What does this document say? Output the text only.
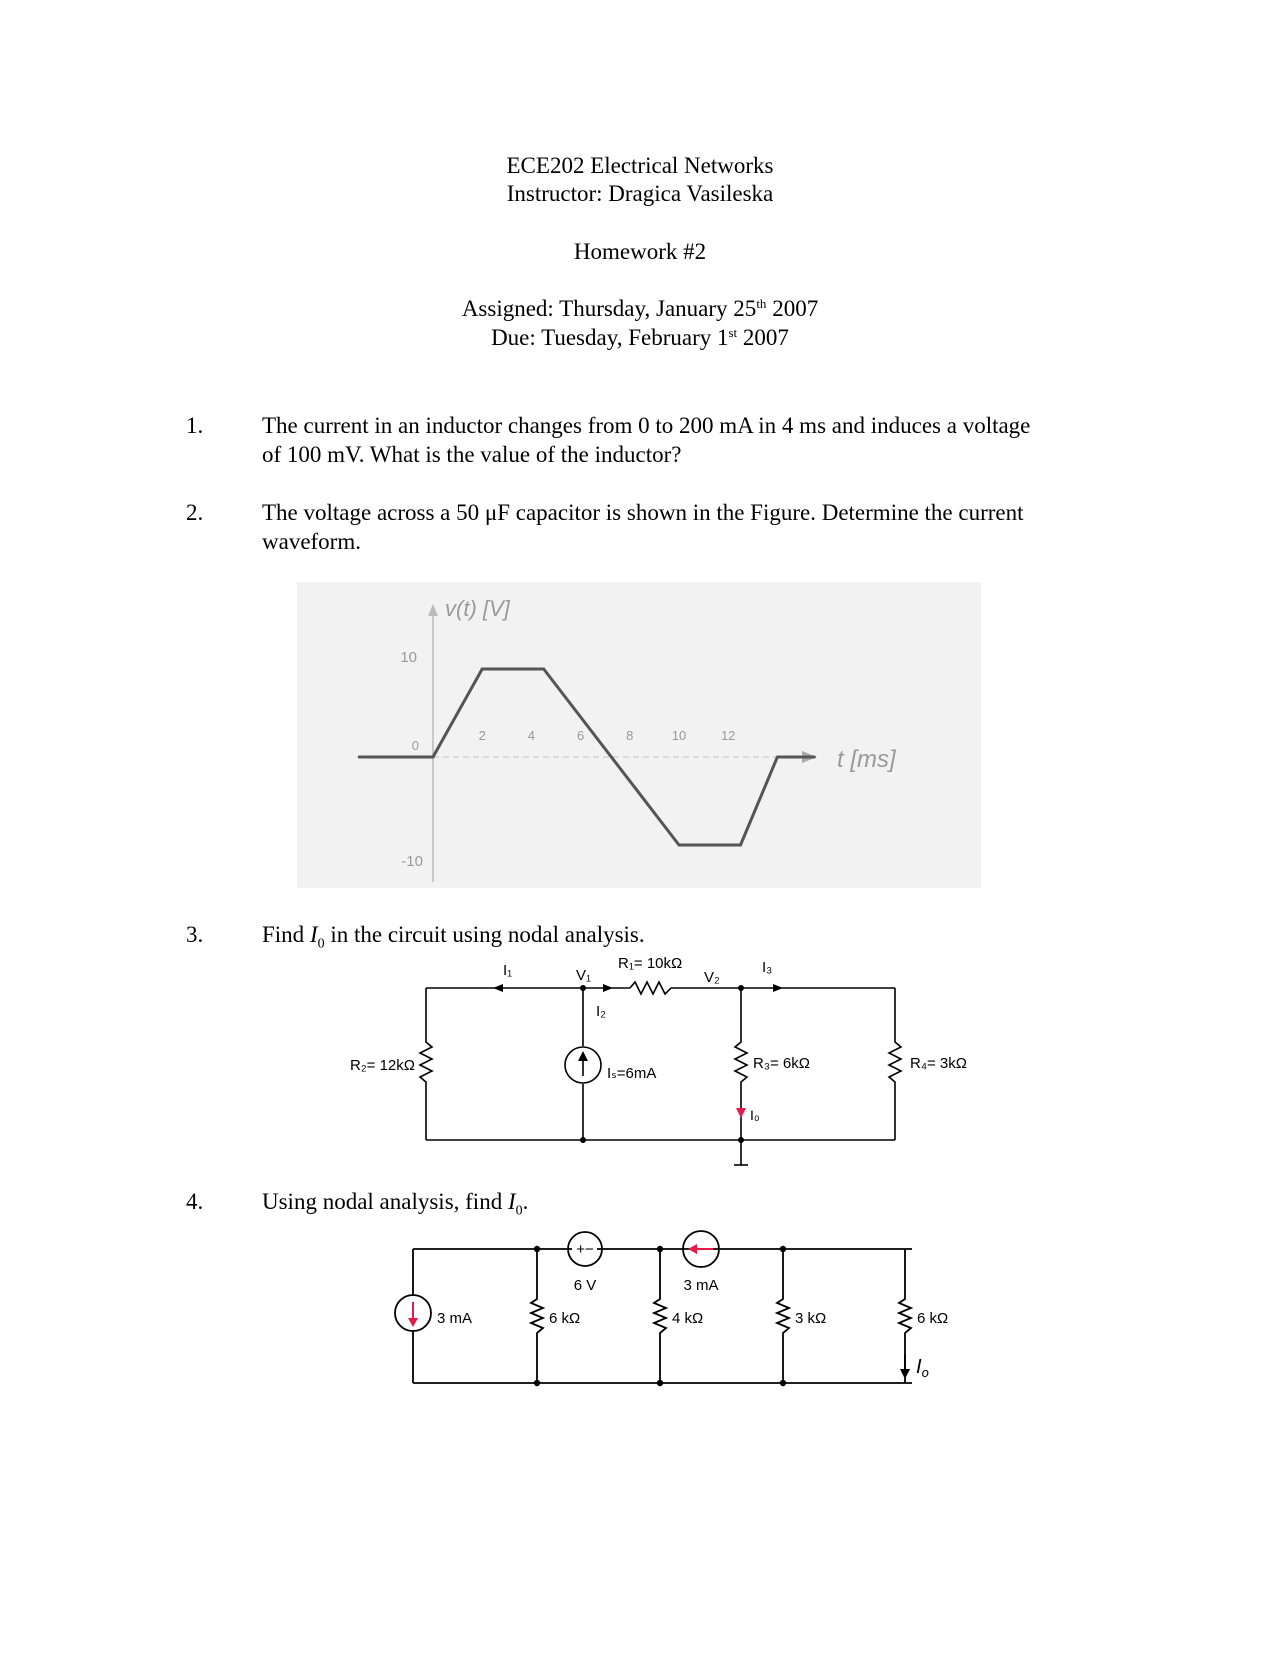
ECE202 Electrical Networks
Instructor: Dragica Vasileska
Homework #2
Assigned: Thursday, January 25th 2007
Due: Tuesday, February 1st 2007
1.	The current in an inductor changes from 0 to 200 mA in 4 ms and induces a voltage of 100 mV. What is the value of the inductor?
2.	The voltage across a 50 μF capacitor is shown in the Figure. Determine the current waveform.
v(t) [V]
t [ms]
10
0
-10
2	4	6	8	10	12
3.	Find $I_0$ in the circuit using nodal analysis.
I₁	V₁
R₁= 10kΩ
V₂
I₃
I₂
R₂= 12kΩ	Iₛ=6mA
R₃= 6kΩ
I₀
R₄= 3kΩ
4.	Using nodal analysis, find $I_0$.
+−
6 V	3 mA
3 mA	6 kΩ	4 kΩ	3 kΩ	6 kΩ
$I_o$
